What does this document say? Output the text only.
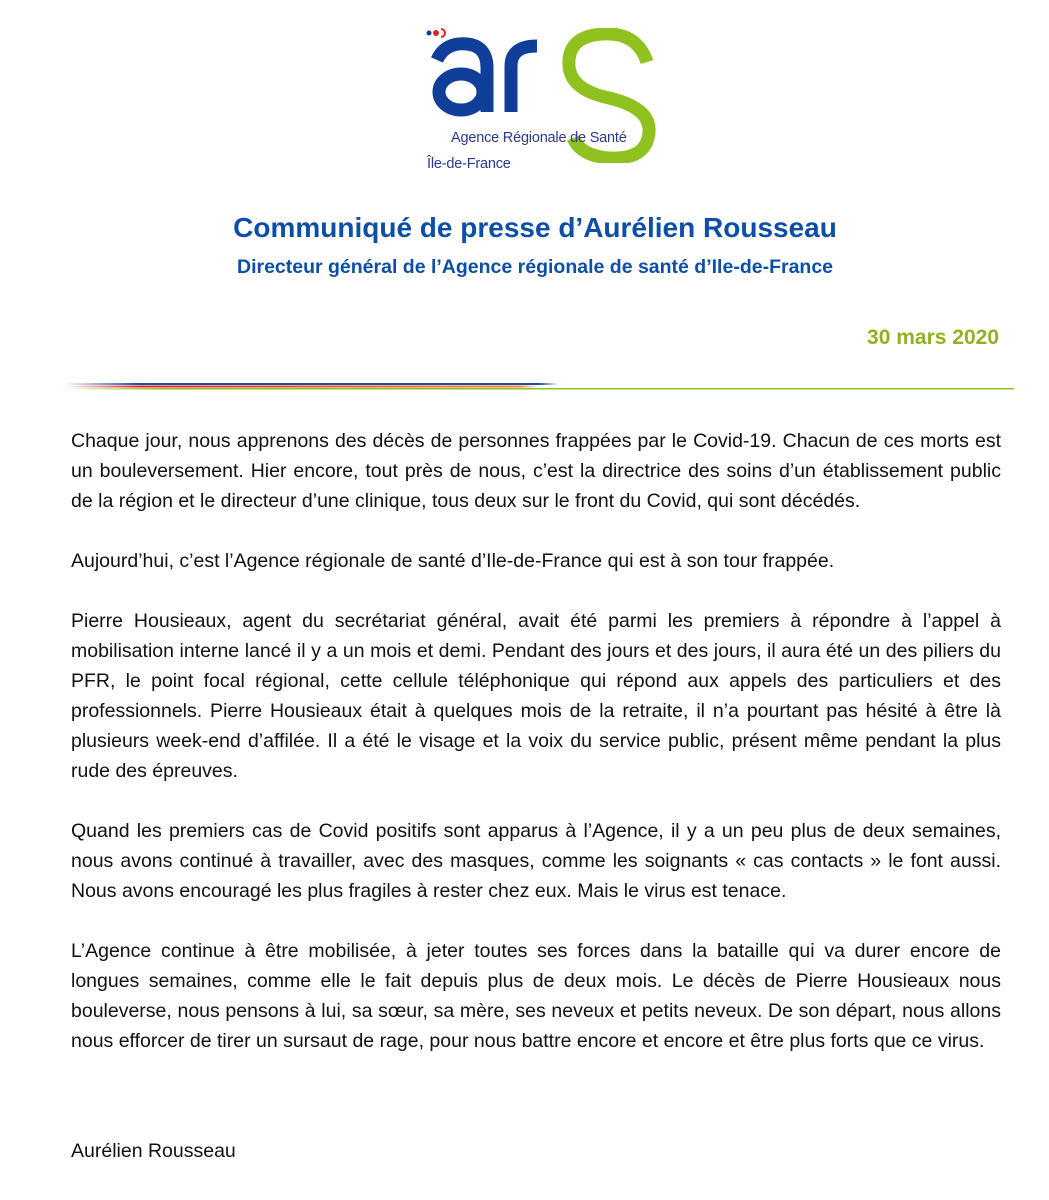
Agence Régionale de Santé
Île-de-France
Communiqué de presse d’Aurélien Rousseau
Directeur général de l’Agence régionale de santé d’Ile-de-France
30 mars 2020

Chaque jour, nous apprenons des décès de personnes frappées par le Covid-19. Chacun de ces morts est un bouleversement. Hier encore, tout près de nous, c’est la directrice des soins d’un établissement public de la région et le directeur d’une clinique, tous deux sur le front du Covid, qui sont décédés.

Aujourd’hui, c’est l’Agence régionale de santé d’Ile-de-France qui est à son tour frappée.

Pierre Housieaux, agent du secrétariat général, avait été parmi les premiers à répondre à l’appel à mobilisation interne lancé il y a un mois et demi. Pendant des jours et des jours, il aura été un des piliers du PFR, le point focal régional, cette cellule téléphonique qui répond aux appels des particuliers et des professionnels. Pierre Housieaux était à quelques mois de la retraite, il n’a pourtant pas hésité à être là plusieurs week-end d’affilée. Il a été le visage et la voix du service public, présent même pendant la plus rude des épreuves.

Quand les premiers cas de Covid positifs sont apparus à l’Agence, il y a un peu plus de deux semaines, nous avons continué à travailler, avec des masques, comme les soignants « cas contacts » le font aussi. Nous avons encouragé les plus fragiles à rester chez eux. Mais le virus est tenace.

L’Agence continue à être mobilisée, à jeter toutes ses forces dans la bataille qui va durer encore de longues semaines, comme elle le fait depuis plus de deux mois. Le décès de Pierre Housieaux nous bouleverse, nous pensons à lui, sa sœur, sa mère, ses neveux et petits neveux. De son départ, nous allons nous efforcer de tirer un sursaut de rage, pour nous battre encore et encore et être plus forts que ce virus.

Aurélien Rousseau
